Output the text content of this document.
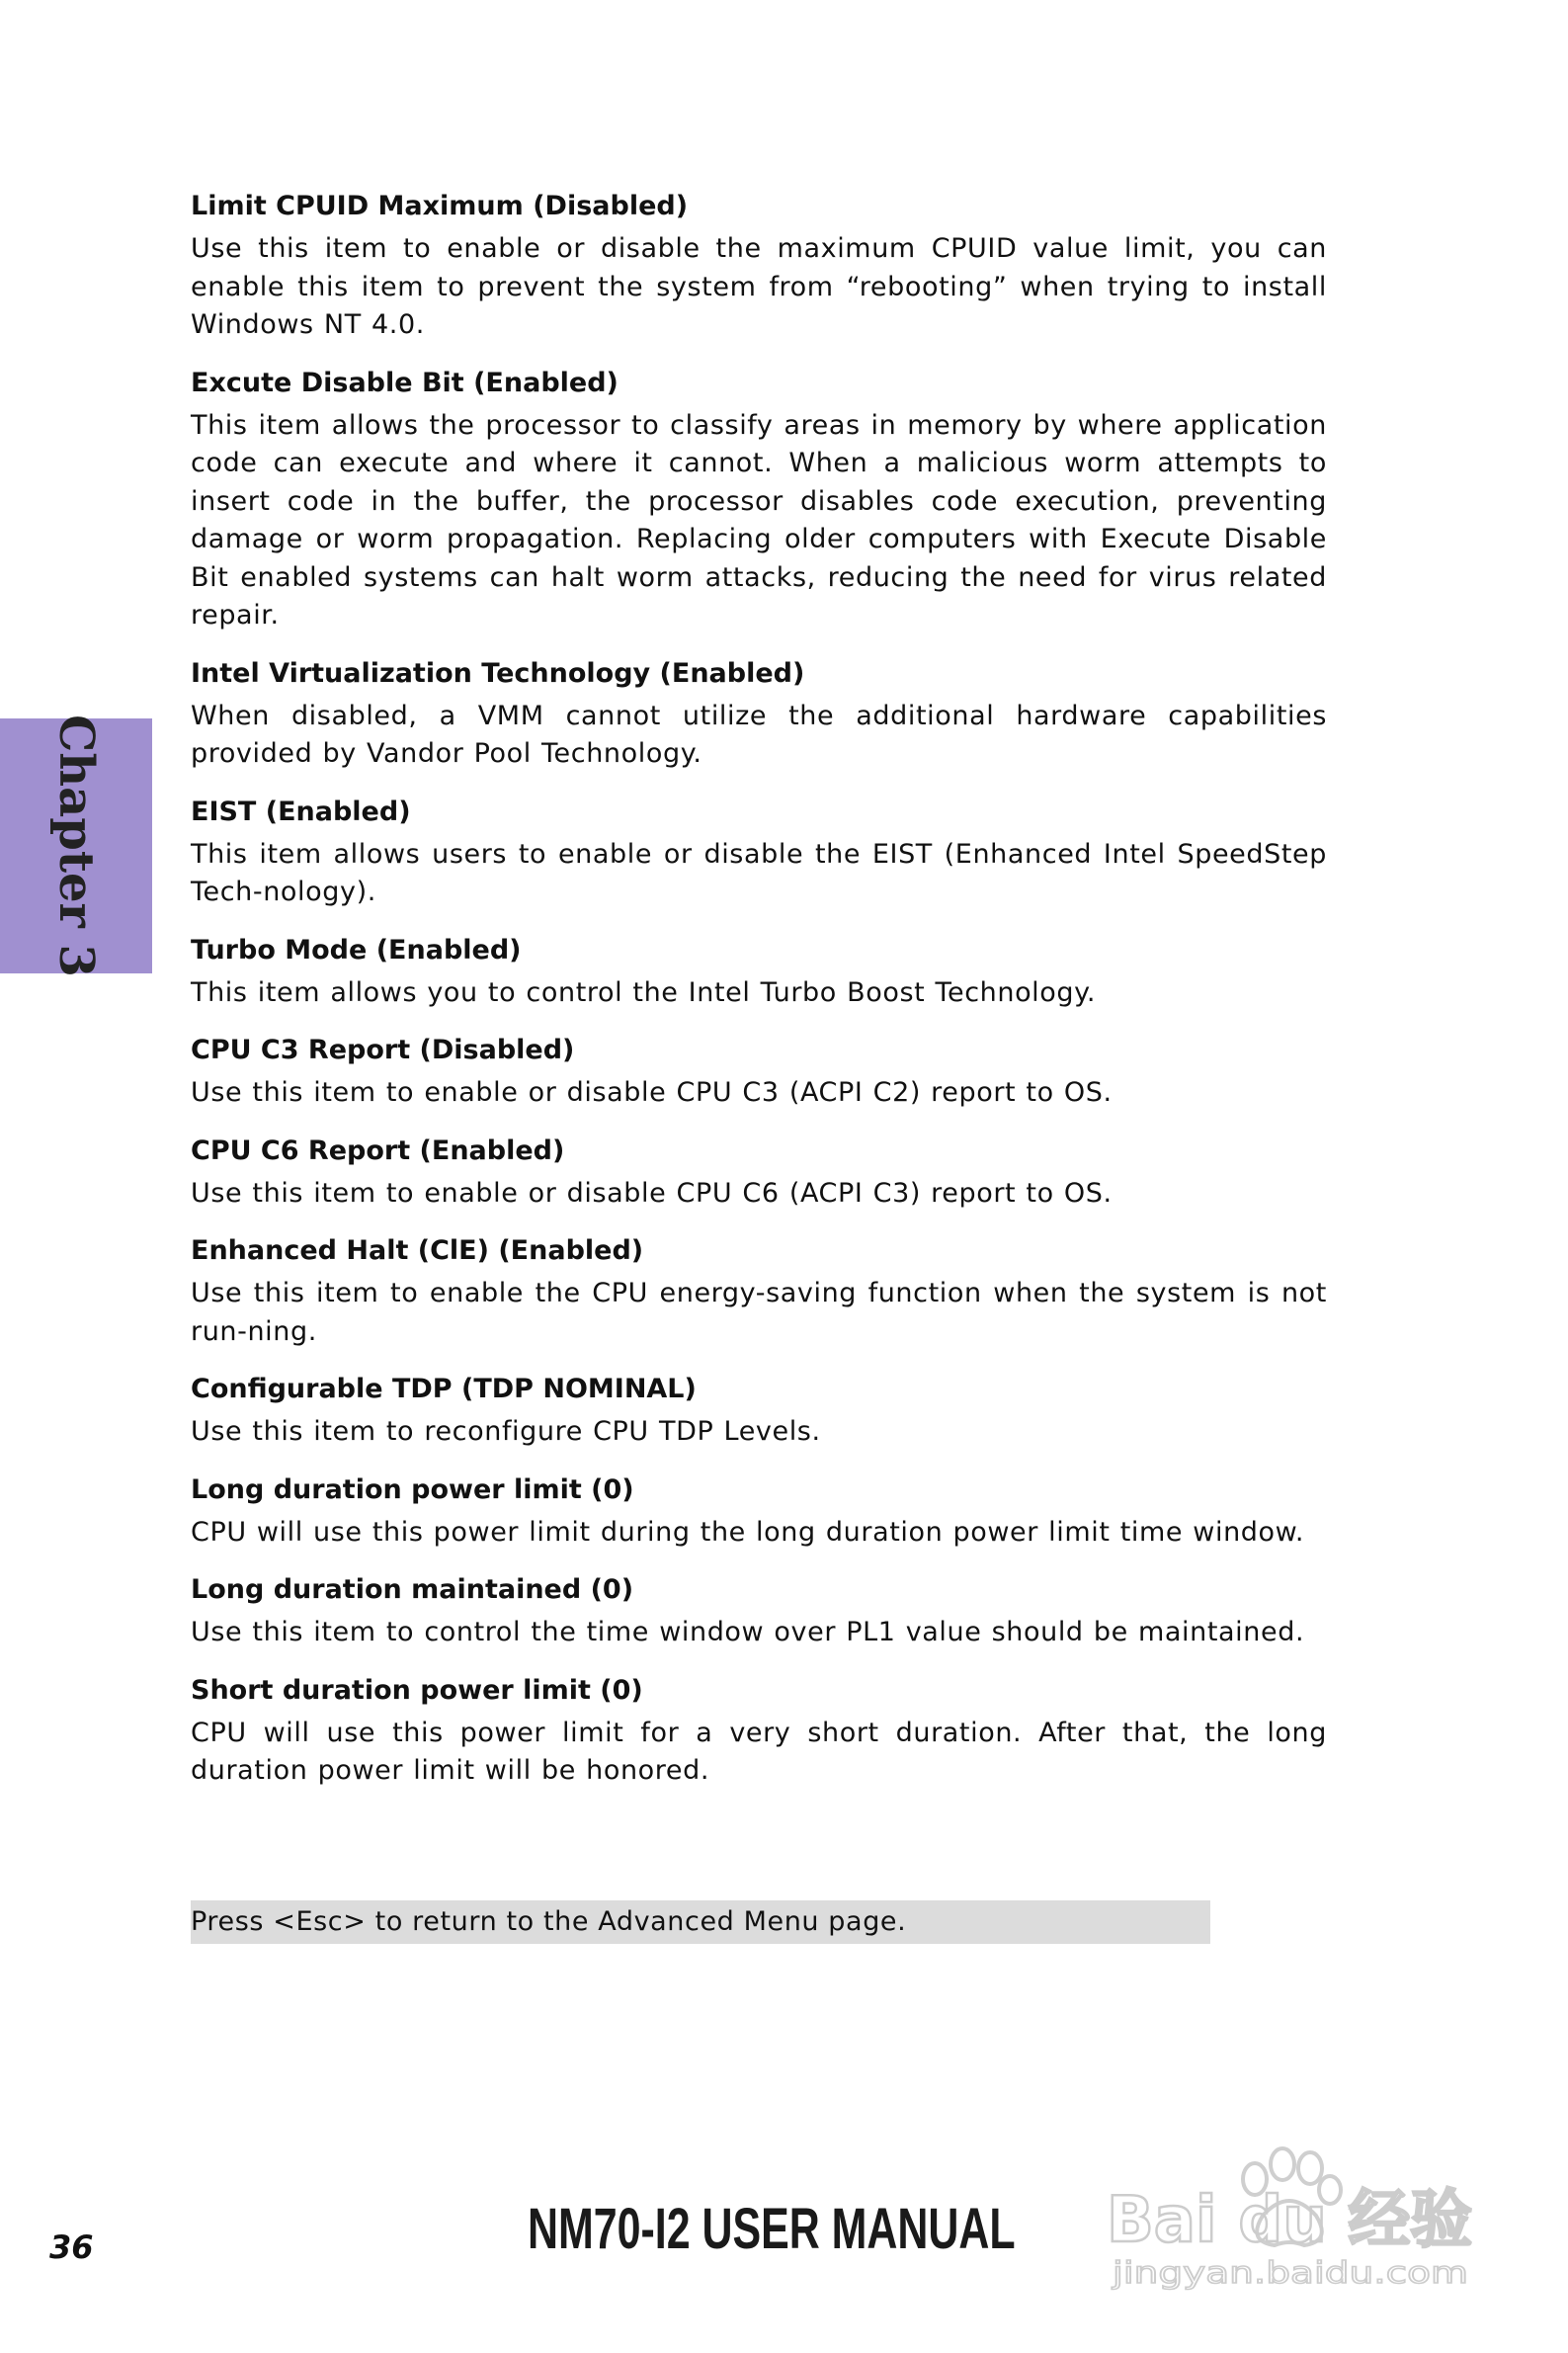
Chapter 3
Limit CPUID Maximum (Disabled)

Use this item to enable or disable the maximum CPUID value limit, you can enable this item to prevent the system from “rebooting” when trying to install Windows NT 4.0.

Excute Disable Bit (Enabled)

This item allows the processor to classify areas in memory by where application code can execute and where it cannot. When a malicious worm attempts to insert code in the buffer, the processor disables code execution, preventing damage or worm propagation. Replacing older computers with Execute Disable Bit enabled systems can halt worm attacks, reducing the need for virus related repair.

Intel Virtualization Technology (Enabled)

When disabled, a VMM cannot utilize the additional hardware capabilities provided by Vandor Pool Technology.

EIST (Enabled)

This item allows users to enable or disable the EIST (Enhanced Intel SpeedStep Tech-nology).

Turbo Mode (Enabled)

This item allows you to control the Intel Turbo Boost Technology.

CPU C3 Report (Disabled)

Use this item to enable or disable CPU C3 (ACPI C2) report to OS.

CPU C6 Report (Enabled)

Use this item to enable or disable CPU C6 (ACPI C3) report to OS.

Enhanced Halt (ClE) (Enabled)

Use this item to enable the CPU energy-saving function when the system is not run-ning.

Configurable TDP (TDP NOMINAL)

Use this item to reconfigure CPU TDP Levels.

Long duration power limit (0)

CPU will use this power limit during the long duration power limit time window.

Long duration maintained (0)

Use this item to control the time window over PL1 value should be maintained.

Short duration power limit (0)

CPU will use this power limit for a very short duration. After that, the long duration power limit will be honored.

Press <Esc> to return to the Advanced Menu page.
36	NM70-I2 USER MANUAL Bai du 经验
jingyan.baidu.com
